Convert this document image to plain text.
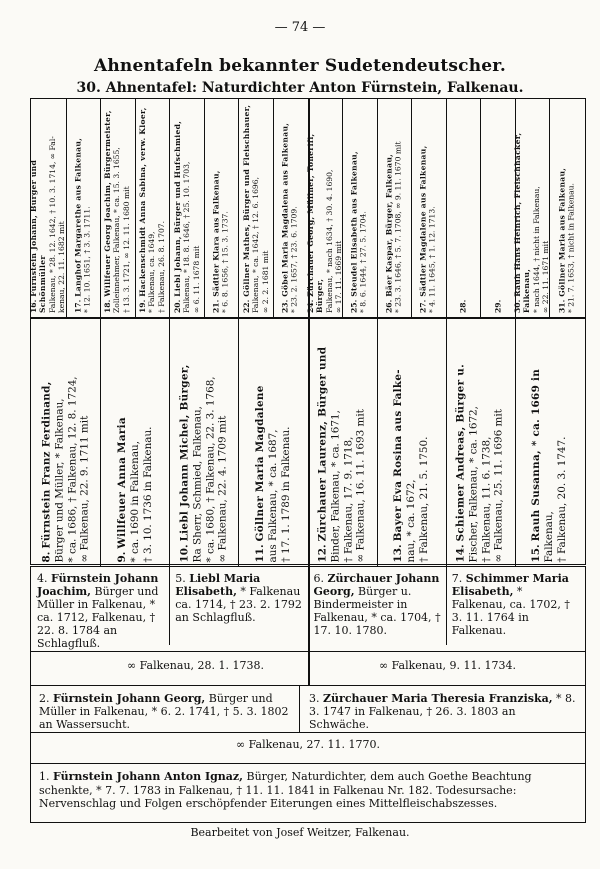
— 74 —
Ahnentafeln bekannter Sudetendeutscher.
30. Ahnentafel: Naturdichter Anton Fürnstein, Falkenau.
16.Fürnstein Johann, Bürger und Schönmüller
Falkenau, * 28. 12. 1642, † 10. 3. 1714, ∞ Fal-
kenau, 22. 11. 1682 mit 17.Langhof Margarethe aus Falkenau,
* 12. 10. 1651, † 3. 3. 1711.

8.Fürnstein Franz Ferdinand,
Bürger und Müller, * Falkenau,
* ca. 1686, † Falkenau, 12. 8. 1724,
∞ Falkenau, 22. 9. 1711 mit

18.Willfeuer Georg Joachim, Bürgermeister,
Zolleinnehmer, Falkenau, * ca. 15. 3. 1655,
† 13. 3. 1721, ∞ 12. 11. 1680 mit 19.Hackenschmidt Anna Sabina, verw. Kloer,
* Falkenau, ca. 1649,
† Falkenau, 26. 8. 1707.

9.Willfeuer Anna Maria
* ca. 1690 in Falkenau,
† 3. 10. 1736 in Falkenau.

20.Liebl Johann, Bürger und Hufschmied,
Falkenau, * 18. 8. 1646, † 25. 10. 1703,
∞ 6. 11. 1678 mit 21.Sädtler Klara aus Falkenau,
* 6. 8. 1656, † 15. 3. 1737.

10.Liebl Johann Michel, Bürger,
Ra Sherr, Schmied, Falkenau,
* ca. 1680, † Falkenau, 22. 3. 1768,
∞ Falkenau, 22. 4. 1709 mit

22.Göllner Mathes, Bürger und Fleischhauer,
Falkenau, * ca. 1642, † 12. 6. 1696,
∞ 2. 2. 1681 mit 23.Göbel Maria Magdalena aus Falkenau,
* 23. 2. 1657, † 23. 6. 1709.

11.Göllner Maria Magdalene
aus Falkenau, * ca. 1687,
† 17. 1. 1789 in Falkenau.

24.Zürchauer Georg, Müllner, Tonerifi, Bürger,
Falkenau, * nach 1634, † 30. 4. 1690,
∞ 17. 11. 1669 mit 25.Steudel Elisabeth aus Falkenau,
* 8. 6. 1644, † 27. 5. 1704.

12.Zürchauer Laurenz, Bürger und
Binder, Falkenau, * ca. 1671,
† Falkenau, 17. 9. 1718,
∞ Falkenau, 16. 11. 1693 mit

26.Bäer Kaspar, Bürger, Falkenau,
* 23. 3. 1646, † 5. 7. 1708, ∞ 9. 11. 1670 mit 27.Sädtler Magdalene aus Falkenau,
* 4. 11. 1645, † 1. 12. 1713.

13.Bayer Eva Rosina aus Falke-
nau, * ca. 1672,
† Falkenau, 21. 5. 1750.

28.	29.

14.Schiemer Andreas, Bürger u.
Fischer, Falkenau, * ca. 1672,
† Falkenau, 11. 6. 1738,
∞ Falkenau, 25. 11. 1696 mit

30.Rauh Hans Heinrich, Fleischhacker, Falkenau,
* nach 1644, † nicht in Falkenau,
∞ 22. 11. 1671 mit 31.Göllner Maria aus Falkenau,
* 21. 7. 1653, † nicht in Falkenau.

15.Rauh Susanna, * ca. 1669 in
Falkenau,
† Falkenau, 20. 3. 1747.

4. Fürnstein Johann Joachim, Bürger und Müller in Falkenau, * ca. 1712, Falkenau, † 22. 8. 1784 an Schlagfluß.
5. Liebl Maria Elisabeth, * Falkenau ca. 1714, † 23. 2. 1792 an Schlagfluß.
6. Zürchauer Johann Georg, Bürger u. Bindermeister in Falkenau, * ca. 1704, † 17. 10. 1780.
7. Schimmer Maria Elisabeth, * Falkenau, ca. 1702, † 3. 11. 1764 in Falkenau.
∞ Falkenau, 28. 1. 1738.	∞ Falkenau, 9. 11. 1734.
2. Fürnstein Johann Georg, Bürger und Müller in Falkenau, * 6. 2. 1741, † 5. 3. 1802 an Wassersucht.
3. Zürchauer Maria Theresia Franziska, * 8. 3. 1747 in Falkenau, † 26. 3. 1803 an Schwäche.
∞ Falkenau, 27. 11. 1770.
1. Fürnstein Johann Anton Ignaz, Bürger, Naturdichter, dem auch Goethe Beachtung schenkte, * 7. 7. 1783 in Falkenau, † 11. 11. 1841 in Falkenau Nr. 182. Todesursache: Nervenschlag und Folgen erschöpfender Eiterungen eines Mittelfleischabszesses.
Bearbeitet von Josef Weitzer, Falkenau.
